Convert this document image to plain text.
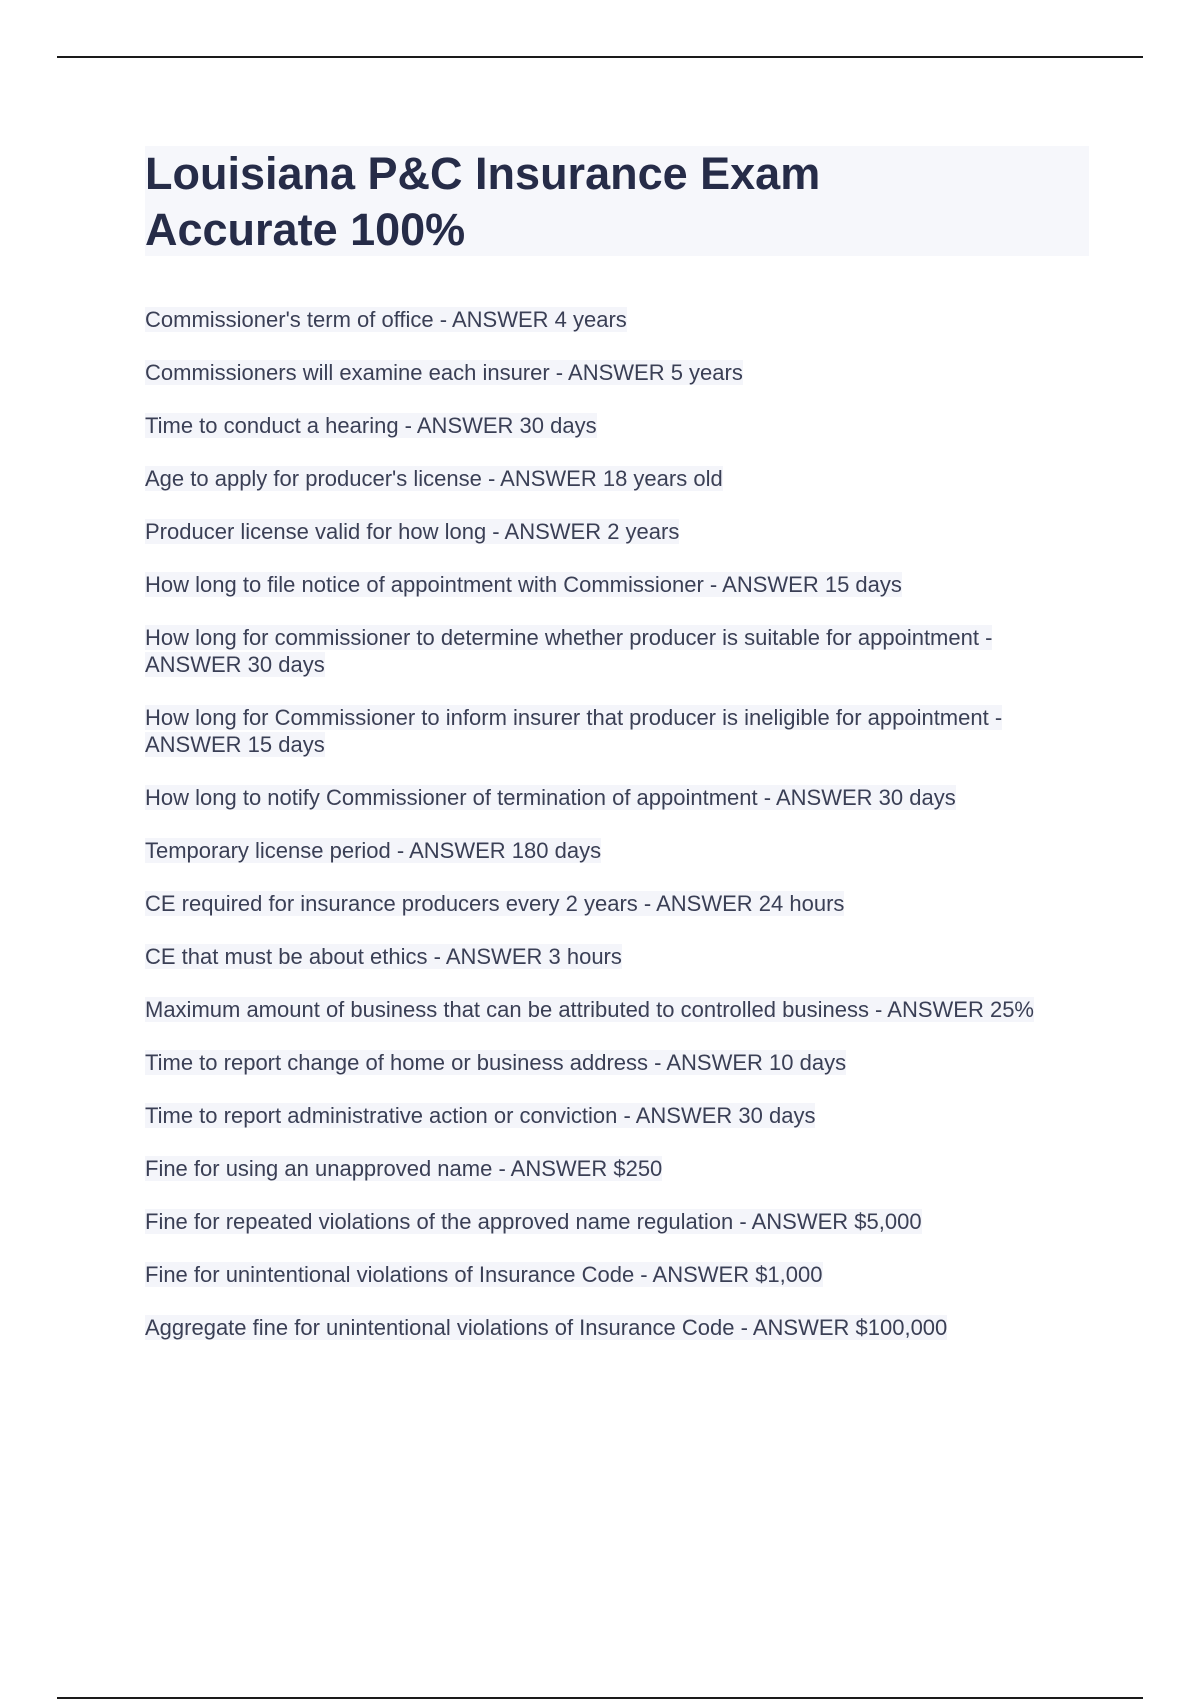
Louisiana P&C Insurance Exam
Accurate 100%
Commissioner's term of office - ANSWER 4 years
Commissioners will examine each insurer - ANSWER 5 years
Time to conduct a hearing - ANSWER 30 days
Age to apply for producer's license - ANSWER 18 years old
Producer license valid for how long - ANSWER 2 years
How long to file notice of appointment with Commissioner - ANSWER 15 days
How long for commissioner to determine whether producer is suitable for appointment - ANSWER 30 days
How long for Commissioner to inform insurer that producer is ineligible for appointment - ANSWER 15 days
How long to notify Commissioner of termination of appointment - ANSWER 30 days
Temporary license period - ANSWER 180 days
CE required for insurance producers every 2 years - ANSWER 24 hours
CE that must be about ethics - ANSWER 3 hours
Maximum amount of business that can be attributed to controlled business - ANSWER 25%
Time to report change of home or business address - ANSWER 10 days
Time to report administrative action or conviction - ANSWER 30 days
Fine for using an unapproved name - ANSWER $250
Fine for repeated violations of the approved name regulation - ANSWER $5,000
Fine for unintentional violations of Insurance Code - ANSWER $1,000
Aggregate fine for unintentional violations of Insurance Code - ANSWER $100,000
